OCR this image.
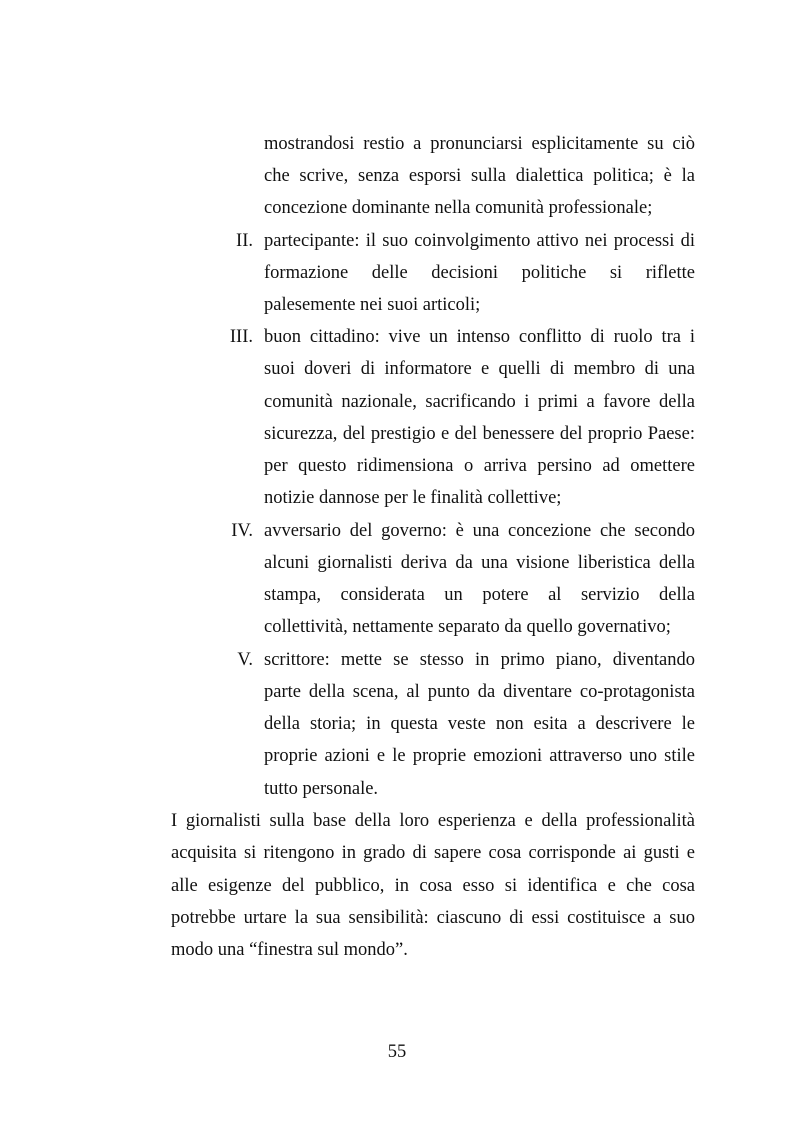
mostrandosi restio a pronunciarsi esplicitamente su ciò
che scrive, senza esporsi sulla dialettica politica; è la
concezione dominante nella comunità professionale;
II. partecipante: il suo coinvolgimento attivo nei processi di
formazione delle decisioni politiche si riflette
palesemente nei suoi articoli;
III. buon cittadino: vive un intenso conflitto di ruolo tra i
suoi doveri di informatore e quelli di membro di una
comunità nazionale, sacrificando i primi a favore della
sicurezza, del prestigio e del benessere del proprio Paese:
per questo ridimensiona o arriva persino ad omettere
notizie dannose per le finalità collettive;
IV. avversario del governo: è una concezione che secondo
alcuni giornalisti deriva da una visione liberistica della
stampa, considerata un potere al servizio della
collettività, nettamente separato da quello governativo;
V. scrittore: mette se stesso in primo piano, diventando
parte della scena, al punto da diventare co-protagonista
della storia; in questa veste non esita a descrivere le
proprie azioni e le proprie emozioni attraverso uno stile
tutto personale.
I giornalisti sulla base della loro esperienza e della professionalità
acquisita si ritengono in grado di sapere cosa corrisponde ai gusti e
alle esigenze del pubblico, in cosa esso si identifica e che cosa
potrebbe urtare la sua sensibilità: ciascuno di essi costituisce a suo
modo una “finestra sul mondo”.
55
